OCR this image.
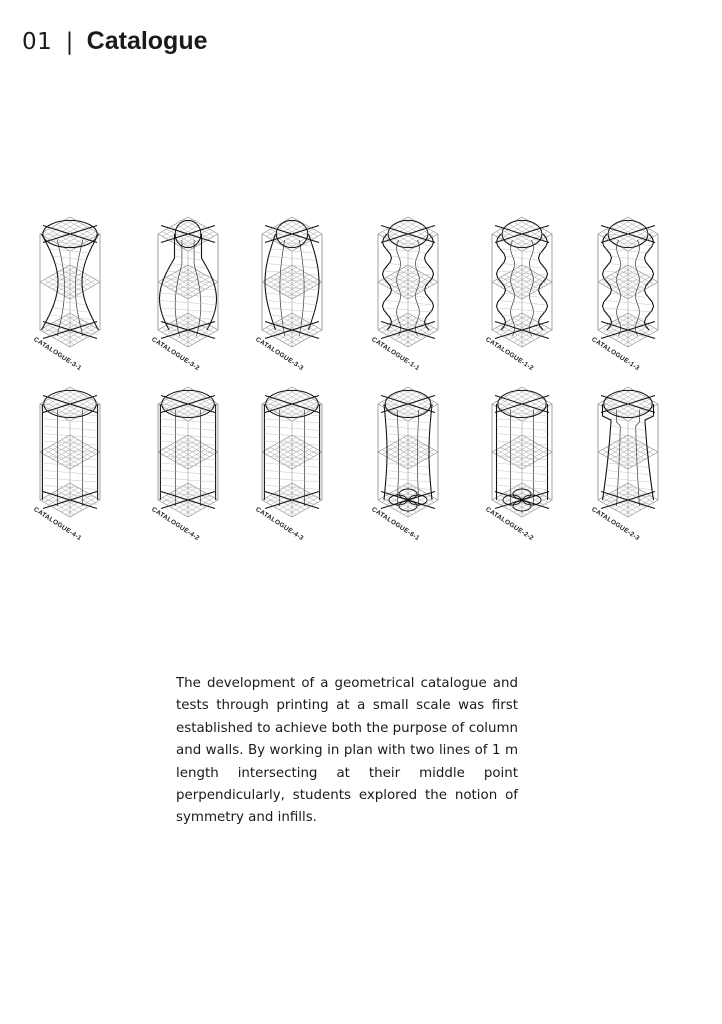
01 | Catalogue
CATALOGUE-3-1	CATALOGUE-3-2	CATALOGUE-3-3	CATALOGUE-1-1	CATALOGUE-1-2	CATALOGUE-1-3
CATALOGUE-4-1	CATALOGUE-4-2	CATALOGUE-4-3	CATALOGUE-6-1	CATALOGUE-2-2	CATALOGUE-2-3

The development of a geometrical catalogue and tests through printing at a small scale was first established to achieve both the purpose of column and walls. By working in plan with two lines of 1 m length intersecting at their middle point perpendicularly, students explored the notion of symmetry and infills.
